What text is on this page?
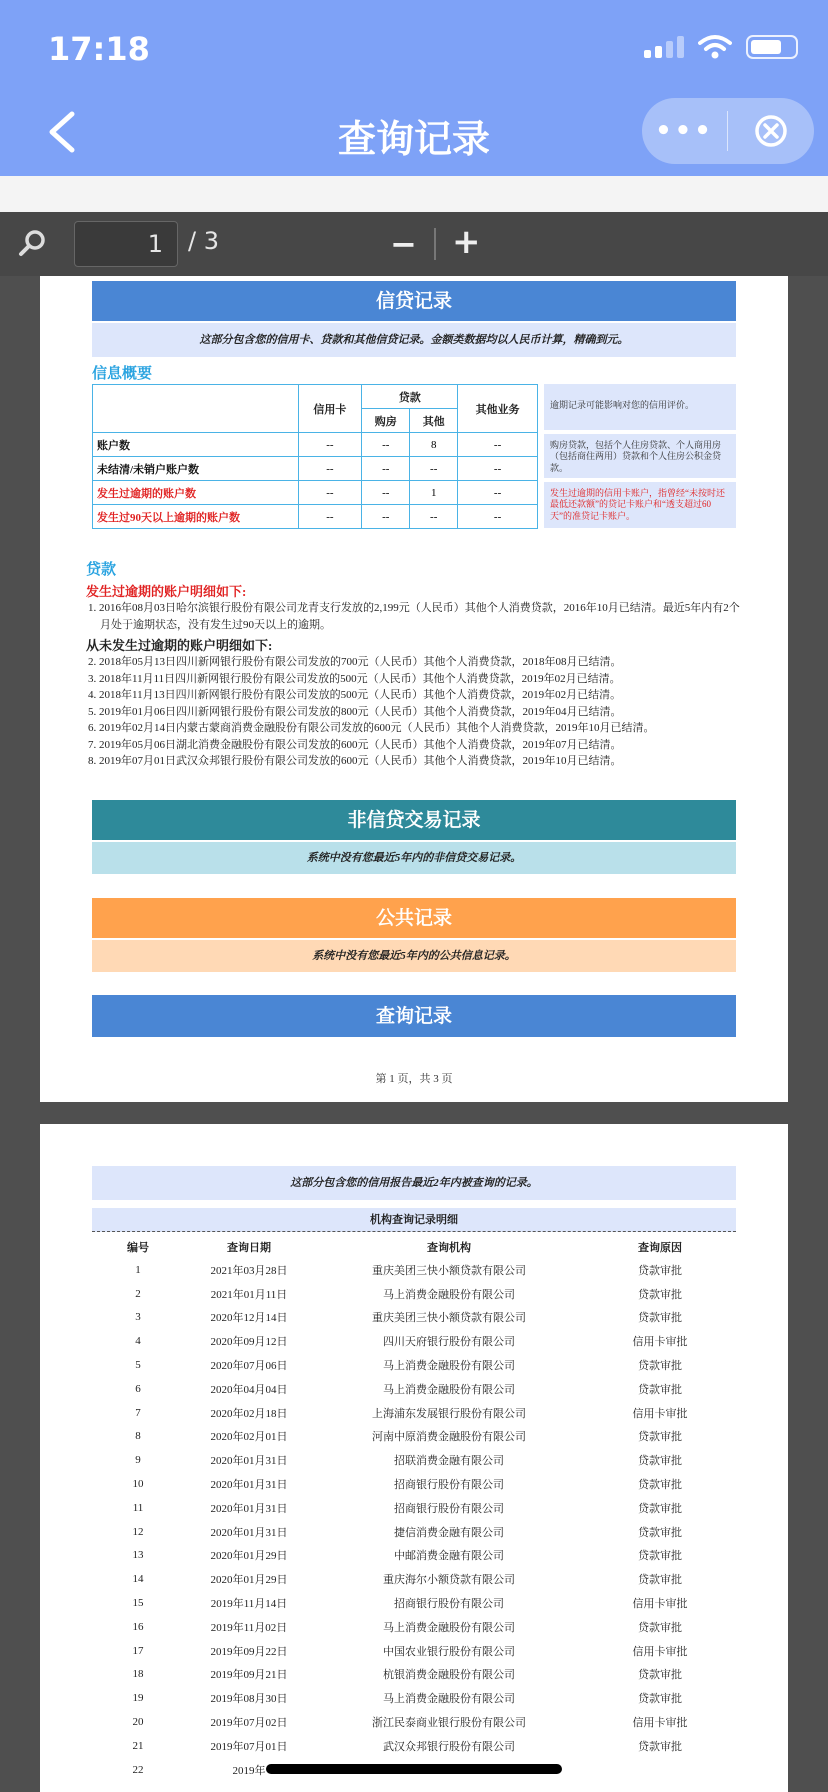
17:18
查询记录	•••
1	/ 3	− +
信贷记录
这部分包含您的信用卡、贷款和其他信贷记录。金额类数据均以人民币计算，精确到元。
信息概要
	信用卡	贷款		其他业务
		购房	其他	
账户数	--	--	8	--
未结清/未销户账户数	--	--	--	--
发生过逾期的账户数	--	--	1	--
发生过90天以上逾期的账户数	--	--	--	--
逾期记录可能影响对您的信用评价。
购房贷款，包括个人住房贷款、个人商用房（包括商住两用）贷款和个人住房公积金贷款。
发生过逾期的信用卡账户，指曾经“未按时还最低还款额”的贷记卡账户和“透支超过60天”的准贷记卡账户。
贷款
发生过逾期的账户明细如下:
1. 2016年08月03日哈尔滨银行股份有限公司龙青支行发放的2,199元（人民币）其他个人消费贷款，2016年10月已结清。最近5年内有2个月处于逾期状态，没有发生过90天以上的逾期。
从未发生过逾期的账户明细如下:
2. 2018年05月13日四川新网银行股份有限公司发放的700元（人民币）其他个人消费贷款，2018年08月已结清。
3. 2018年11月11日四川新网银行股份有限公司发放的500元（人民币）其他个人消费贷款，2019年02月已结清。
4. 2018年11月13日四川新网银行股份有限公司发放的500元（人民币）其他个人消费贷款，2019年02月已结清。
5. 2019年01月06日四川新网银行股份有限公司发放的800元（人民币）其他个人消费贷款，2019年04月已结清。
6. 2019年02月14日内蒙古蒙商消费金融股份有限公司发放的600元（人民币）其他个人消费贷款，2019年10月已结清。
7. 2019年05月06日湖北消费金融股份有限公司发放的600元（人民币）其他个人消费贷款，2019年07月已结清。
8. 2019年07月01日武汉众邦银行股份有限公司发放的600元（人民币）其他个人消费贷款，2019年10月已结清。
非信贷交易记录
系统中没有您最近5年内的非信贷交易记录。
公共记录
系统中没有您最近5年内的公共信息记录。
查询记录
第 1 页，共 3 页
这部分包含您的信用报告最近2年内被查询的记录。
机构查询记录明细
编号	查询日期	查询机构	查询原因
1	2021年03月28日	重庆美团三快小额贷款有限公司	贷款审批
2	2021年01月11日	马上消费金融股份有限公司	贷款审批
3	2020年12月14日	重庆美团三快小额贷款有限公司	贷款审批
4	2020年09月12日	四川天府银行股份有限公司	信用卡审批
5	2020年07月06日	马上消费金融股份有限公司	贷款审批
6	2020年04月04日	马上消费金融股份有限公司	贷款审批
7	2020年02月18日	上海浦东发展银行股份有限公司	信用卡审批
8	2020年02月01日	河南中原消费金融股份有限公司	贷款审批
9	2020年01月31日	招联消费金融有限公司	贷款审批
10	2020年01月31日	招商银行股份有限公司	贷款审批
11	2020年01月31日	招商银行股份有限公司	贷款审批
12	2020年01月31日	捷信消费金融有限公司	贷款审批
13	2020年01月29日	中邮消费金融有限公司	贷款审批
14	2020年01月29日	重庆海尔小额贷款有限公司	贷款审批
15	2019年11月14日	招商银行股份有限公司	信用卡审批
16	2019年11月02日	马上消费金融股份有限公司	贷款审批
17	2019年09月22日	中国农业银行股份有限公司	信用卡审批
18	2019年09月21日	杭银消费金融股份有限公司	贷款审批
19	2019年08月30日	马上消费金融股份有限公司	贷款审批
20	2019年07月02日	浙江民泰商业银行股份有限公司	信用卡审批
21	2019年07月01日	武汉众邦银行股份有限公司	贷款审批
22	2019年		
